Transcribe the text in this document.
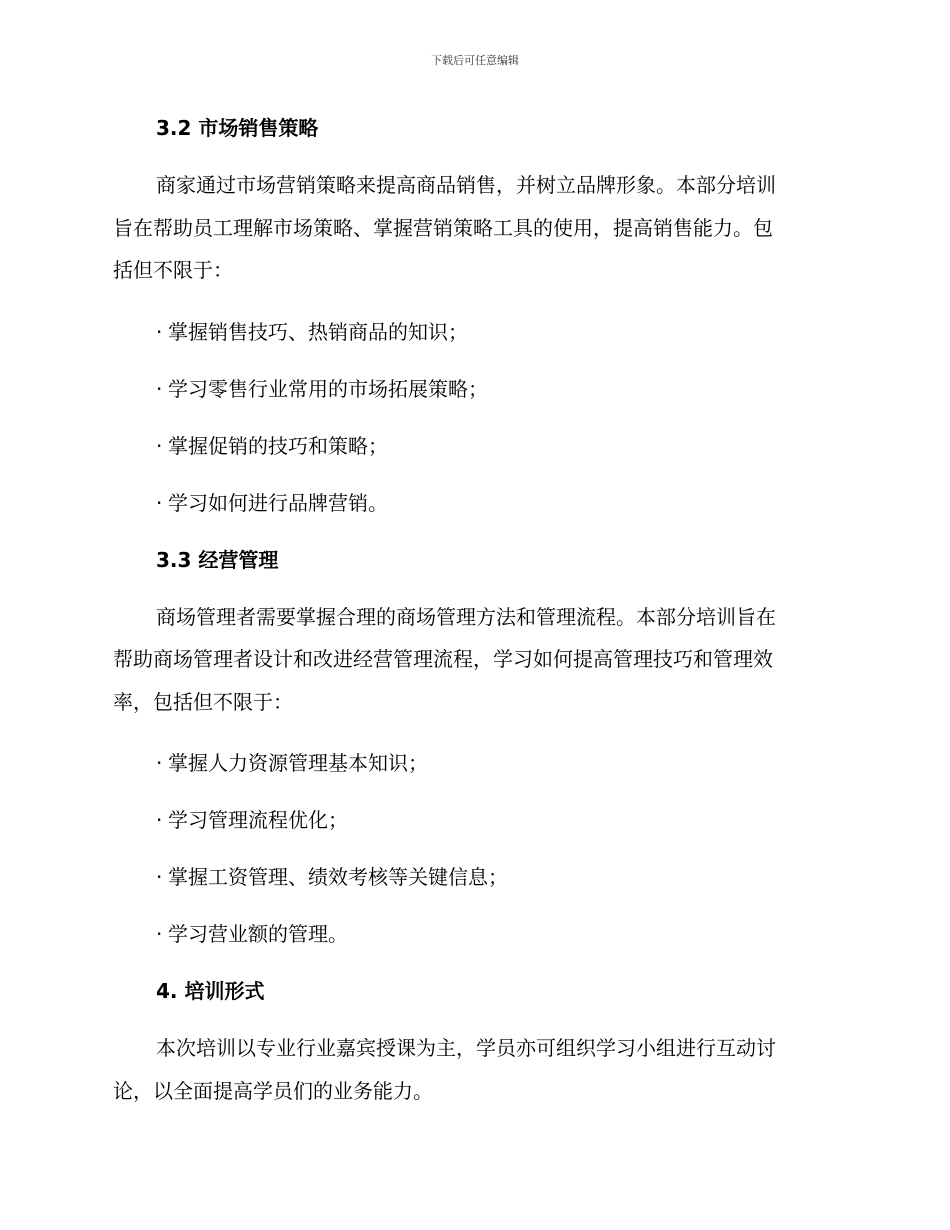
下载后可任意编辑
3.2 市场销售策略
商家通过市场营销策略来提高商品销售，并树立品牌形象。本部分培训
旨在帮助员工理解市场策略、掌握营销策略工具的使用，提高销售能力。包
括但不限于：
· 掌握销售技巧、热销商品的知识；
· 学习零售行业常用的市场拓展策略；
· 掌握促销的技巧和策略；
· 学习如何进行品牌营销。
3.3 经营管理
商场管理者需要掌握合理的商场管理方法和管理流程。本部分培训旨在
帮助商场管理者设计和改进经营管理流程，学习如何提高管理技巧和管理效
率，包括但不限于：
· 掌握人力资源管理基本知识；
· 学习管理流程优化；
· 掌握工资管理、绩效考核等关键信息；
· 学习营业额的管理。
4. 培训形式
本次培训以专业行业嘉宾授课为主，学员亦可组织学习小组进行互动讨
论，以全面提高学员们的业务能力。
